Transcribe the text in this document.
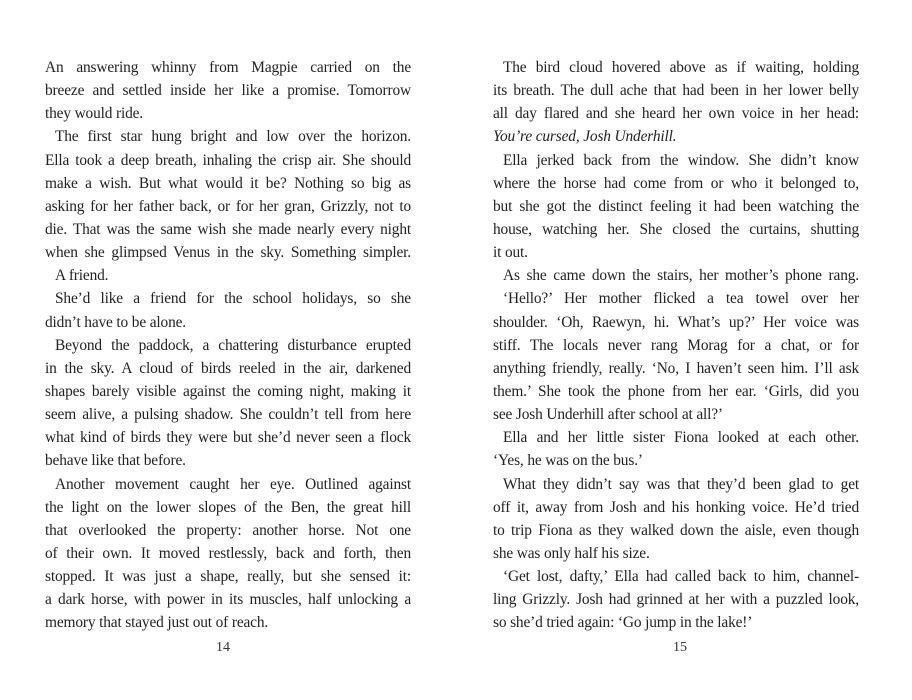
An answering whinny from Magpie carried on the
breeze and settled inside her like a promise. Tomorrow
they would ride.
The first star hung bright and low over the horizon.
Ella took a deep breath, inhaling the crisp air. She should
make a wish. But what would it be? Nothing so big as
asking for her father back, or for her gran, Grizzly, not to
die. That was the same wish she made nearly every night
when she glimpsed Venus in the sky. Something simpler.
A friend.
She’d like a friend for the school holidays, so she
didn’t have to be alone.
Beyond the paddock, a chattering disturbance erupted
in the sky. A cloud of birds reeled in the air, darkened
shapes barely visible against the coming night, making it
seem alive, a pulsing shadow. She couldn’t tell from here
what kind of birds they were but she’d never seen a flock
behave like that before.
Another movement caught her eye. Outlined against
the light on the lower slopes of the Ben, the great hill
that overlooked the property: another horse. Not one
of their own. It moved restlessly, back and forth, then
stopped. It was just a shape, really, but she sensed it:
a dark horse, with power in its muscles, half unlocking a
memory that stayed just out of reach.
14
The bird cloud hovered above as if waiting, holding
its breath. The dull ache that had been in her lower belly
all day flared and she heard her own voice in her head:
You’re cursed, Josh Underhill.
Ella jerked back from the window. She didn’t know
where the horse had come from or who it belonged to,
but she got the distinct feeling it had been watching the
house, watching her. She closed the curtains, shutting
it out.
As she came down the stairs, her mother’s phone rang.
‘Hello?’ Her mother flicked a tea towel over her
shoulder. ‘Oh, Raewyn, hi. What’s up?’ Her voice was
stiff. The locals never rang Morag for a chat, or for
anything friendly, really. ‘No, I haven’t seen him. I’ll ask
them.’ She took the phone from her ear. ‘Girls, did you
see Josh Underhill after school at all?’
Ella and her little sister Fiona looked at each other.
‘Yes, he was on the bus.’
What they didn’t say was that they’d been glad to get
off it, away from Josh and his honking voice. He’d tried
to trip Fiona as they walked down the aisle, even though
she was only half his size.
‘Get lost, dafty,’ Ella had called back to him, channel-
ling Grizzly. Josh had grinned at her with a puzzled look,
so she’d tried again: ‘Go jump in the lake!’
15
